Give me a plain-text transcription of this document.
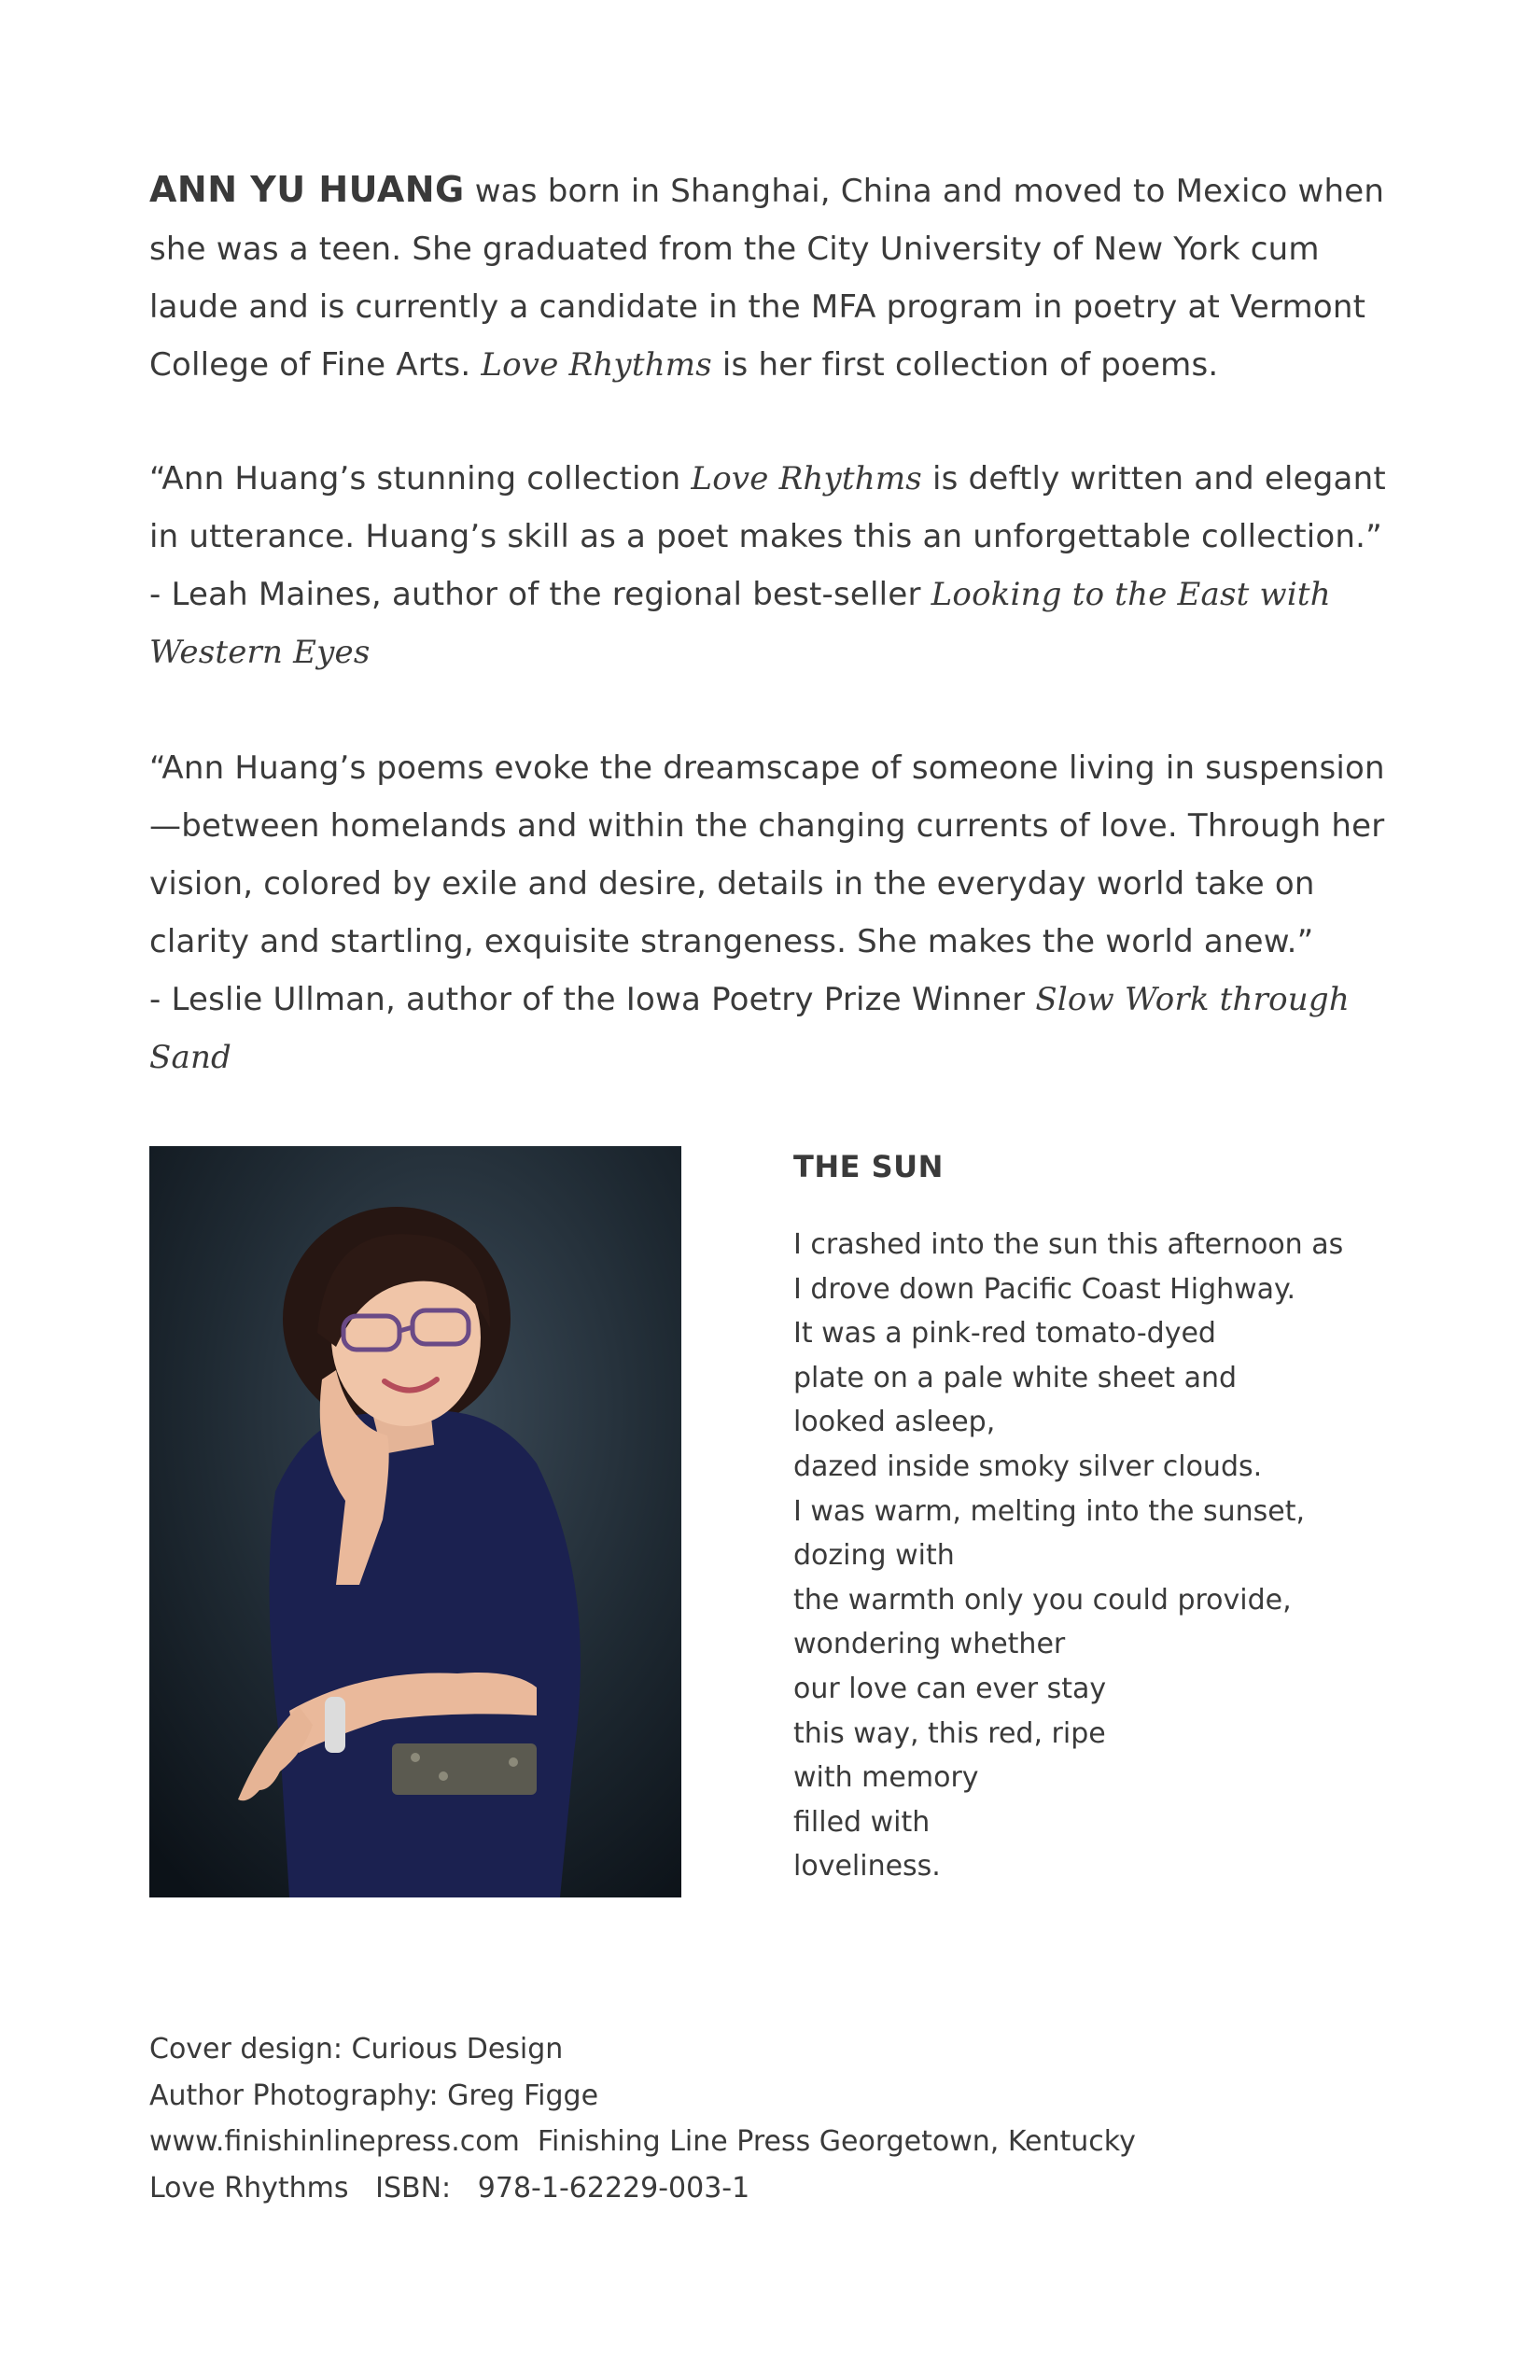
ANN YU HUANG was born in Shanghai, China and moved to Mexico when she was a teen. She graduated from the City University of New York cum laude and is currently a candidate in the MFA program in poetry at Vermont College of Fine Arts. Love Rhythms is her first collection of poems.
“Ann Huang’s stunning collection Love Rhythms is deftly written and elegant in utterance. Huang’s skill as a poet makes this an unforgettable collection.”
- Leah Maines, author of the regional best-seller Looking to the East with Western Eyes
“Ann Huang’s poems evoke the dreamscape of someone living in suspension—between homelands and within the changing currents of love. Through her vision, colored by exile and desire, details in the everyday world take on clarity and startling, exquisite strangeness. She makes the world anew.”
- Leslie Ullman, author of the Iowa Poetry Prize Winner Slow Work through Sand
THE SUN
I crashed into the sun this afternoon as
I drove down Pacific Coast Highway.
It was a pink-red tomato-dyed
plate on a pale white sheet and
looked asleep,
dazed inside smoky silver clouds.
I was warm, melting into the sunset,
dozing with
the warmth only you could provide,
wondering whether
our love can ever stay
this way, this red, ripe
with memory
filled with
loveliness.
Cover design: Curious Design
Author Photography: Greg Figge
www.finishinlinepress.com  Finishing Line Press Georgetown, Kentucky
Love Rhythms   ISBN:   978-1-62229-003-1
